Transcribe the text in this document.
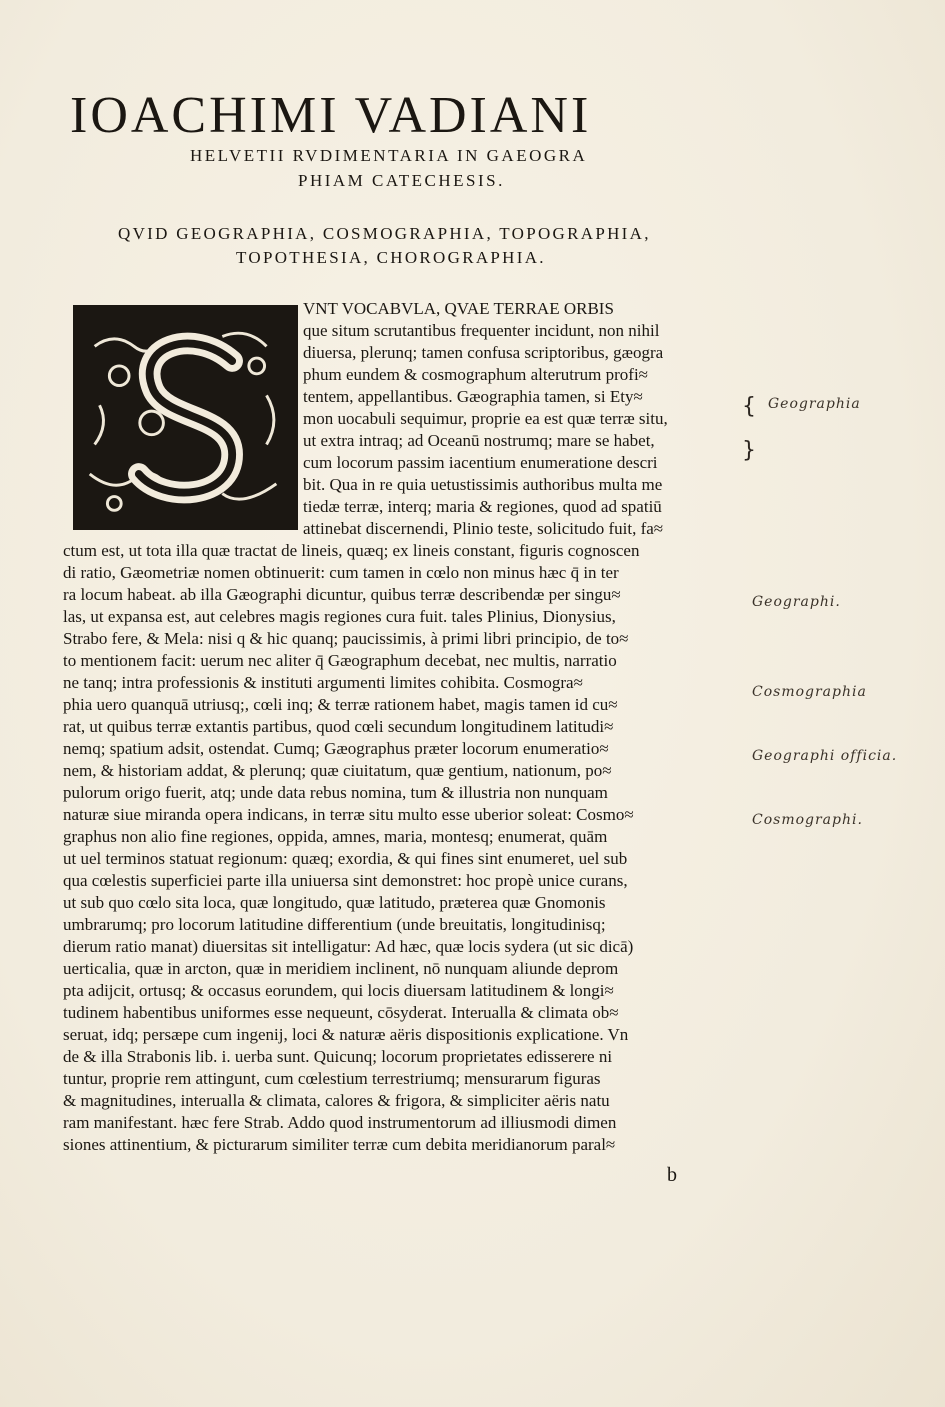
IOACHIMI VADIANI
HELVETII RVDIMENTARIA IN GAEOGRA
PHIAM CATECHESIS.
QVID GEOGRAPHIA, COSMOGRAPHIA, TOPOGRAPHIA,
TOPOTHESIA, CHOROGRAPHIA.
VNT VOCABVLA, QVAE TERRAE ORBIS
que situm scrutantibus frequenter incidunt, non nihil
diuersa, plerunq; tamen confusa scriptoribus, gæogra
phum eundem & cosmographum alterutrum profi≈
tentem, appellantibus. Gæographia tamen, si Ety≈
mon uocabuli sequimur, proprie ea est quæ terræ situ,
ut extra intraq; ad Oceanū nostrumq; mare se habet,
cum locorum passim iacentium enumeratione descri
bit. Qua in re quia uetustissimis authoribus multa me
tiedæ terræ, interq; maria & regiones, quod ad spatiū
attinebat discernendi, Plinio teste, solicitudo fuit, fa≈
ctum est, ut tota illa quæ tractat de lineis, quæq; ex lineis constant, figuris cognoscen
di ratio, Gæometriæ nomen obtinuerit: cum tamen in cœlo non minus hæc q̄ in ter
ra locum habeat. ab illa Gæographi dicuntur, quibus terræ describendæ per singu≈
las, ut expansa est, aut celebres magis regiones cura fuit. tales Plinius, Dionysius,
Strabo fere, & Mela: nisi q & hic quanq; paucissimis, à primi libri principio, de to≈
to mentionem facit: uerum nec aliter q̄ Gæographum decebat, nec multis, narratio
ne tanq; intra professionis & instituti argumenti limites cohibita. Cosmogra≈
phia uero quanquā utriusq;, cœli inq; & terræ rationem habet, magis tamen id cu≈
rat, ut quibus terræ extantis partibus, quod cœli secundum longitudinem latitudi≈
nemq; spatium adsit, ostendat. Cumq; Gæographus præter locorum enumeratio≈
nem, & historiam addat, & plerunq; quæ ciuitatum, quæ gentium, nationum, po≈
pulorum origo fuerit, atq; unde data rebus nomina, tum & illustria non nunquam
naturæ siue miranda opera indicans, in terræ situ multo esse uberior soleat: Cosmo≈
graphus non alio fine regiones, oppida, amnes, maria, montesq; enumerat, quām
ut uel terminos statuat regionum: quæq; exordia, & qui fines sint enumeret, uel sub
qua cœlestis superficiei parte illa uniuersa sint demonstret: hoc propè unice curans,
ut sub quo cœlo sita loca, quæ longitudo, quæ latitudo, præterea quæ Gnomonis
umbrarumq; pro locorum latitudine differentium (unde breuitatis, longitudinisq;
dierum ratio manat) diuersitas sit intelligatur: Ad hæc, quæ locis sydera (ut sic dicā)
uerticalia, quæ in arcton, quæ in meridiem inclinent, nō nunquam aliunde deprom
pta adijcit, ortusq; & occasus eorundem, qui locis diuersam latitudinem & longi≈
tudinem habentibus uniformes esse nequeunt, cōsyderat. Interualla & climata ob≈
seruat, idq; persæpe cum ingenij, loci & naturæ aëris dispositionis explicatione. Vn
de & illa Strabonis lib. i. uerba sunt. Quicunq; locorum proprietates edisserere ni
tuntur, proprie rem attingunt, cum cœlestium terrestriumq; mensurarum figuras
& magnitudines, interualla & climata, calores & frigora, & simpliciter aëris natu
ram manifestant. hæc fere Strab. Addo quod instrumentorum ad illiusmodi dimen
siones attinentium, & picturarum similiter terræ cum debita meridianorum paral≈
Geographia
Geographi.
Cosmographia
Geographi officia.
Cosmographi.
{
}
b
